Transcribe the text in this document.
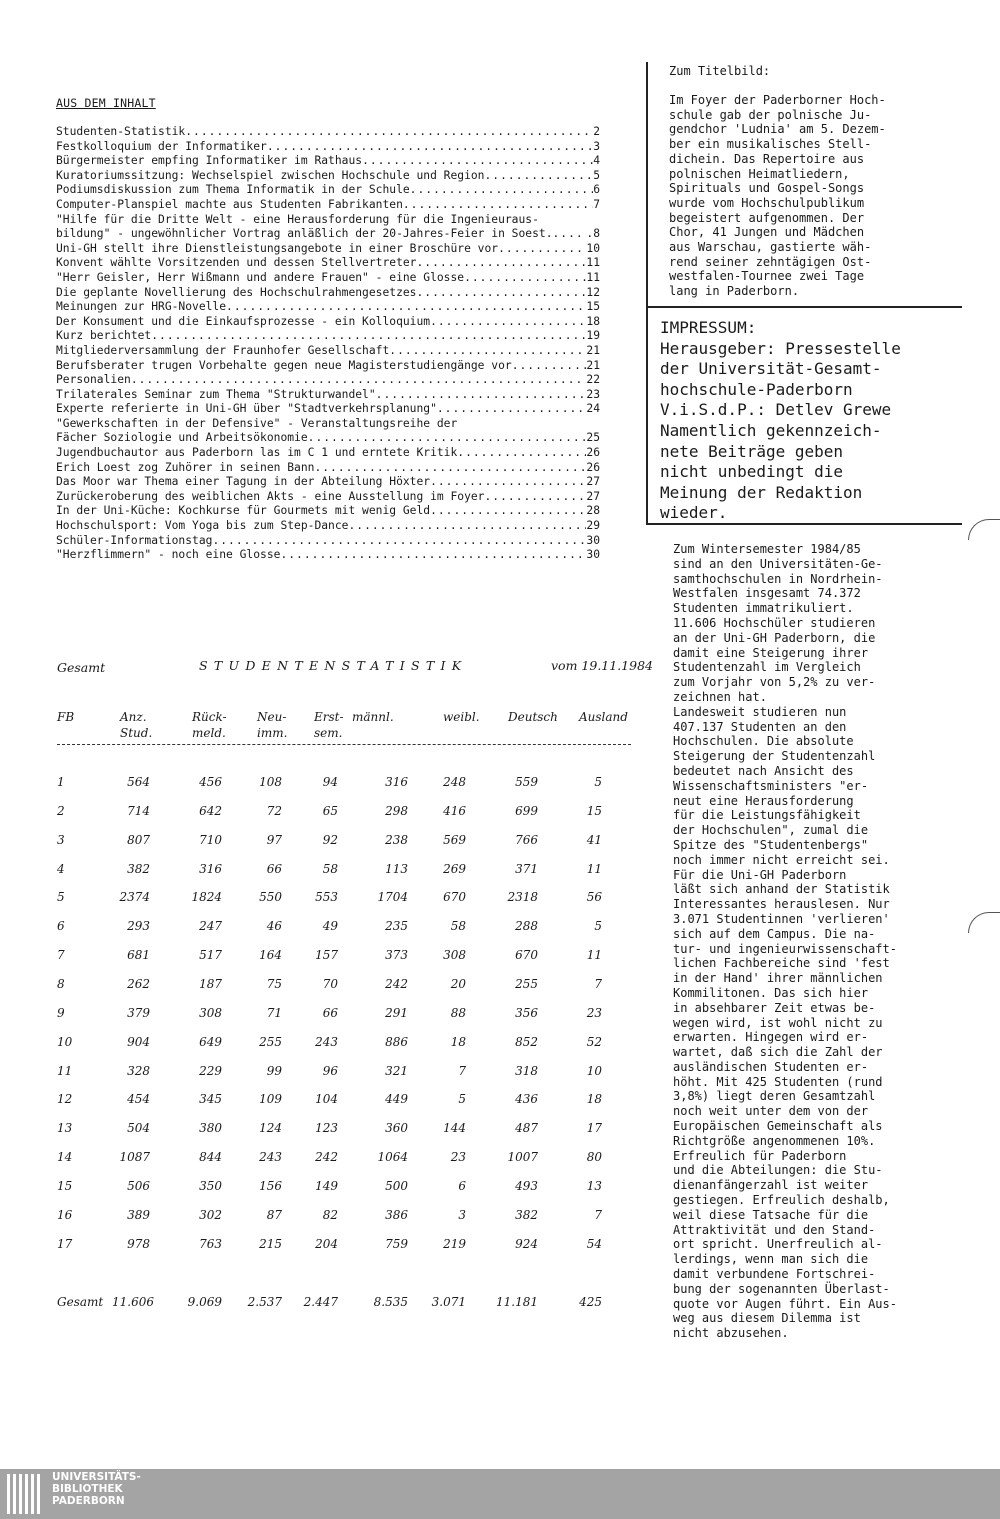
AUS DEM INHALT
Studenten-Statistik .....	2
Festkolloquium der Informatiker .....	3
Bürgermeister empfing Informatiker im Rathaus .....	4
Kuratoriumssitzung: Wechselspiel zwischen Hochschule und Region .....	5
Podiumsdiskussion zum Thema Informatik in der Schule .....	6
Computer-Planspiel machte aus Studenten Fabrikanten .....	7
"Hilfe für die Dritte Welt - eine Herausforderung für die Ingenieuraus-
bildung" - ungewöhnlicher Vortrag anläßlich der 20-Jahres-Feier in Soest. .....	.8
Uni-GH stellt ihre Dienstleistungsangebote in einer Broschüre vor .....	10
Konvent wählte Vorsitzenden und dessen Stellvertreter .....	11
"Herr Geisler, Herr Wißmann und andere Frauen" - eine Glosse .....	11
Die geplante Novellierung des Hochschulrahmengesetzes .....	12
Meinungen zur HRG-Novelle .....	15
Der Konsument und die Einkaufsprozesse - ein Kolloquium .....	18
Kurz berichtet .....	19
Mitgliederversammlung der Fraunhofer Gesellschaft .....	21
Berufsberater trugen Vorbehalte gegen neue Magisterstudiengänge vor .....	21
Personalien .....	22
Trilaterales Seminar zum Thema "Strukturwandel" .....	23
Experte referierte in Uni-GH über "Stadtverkehrsplanung" .....	24
"Gewerkschaften in der Defensive" - Veranstaltungsreihe der
Fächer Soziologie und Arbeitsökonomie .....	25
Jugendbuchautor aus Paderborn las im C 1 und erntete Kritik .....	26
Erich Loest zog Zuhörer in seinen Bann .....	26
Das Moor war Thema einer Tagung in der Abteilung Höxter .....	27
Zurückeroberung des weiblichen Akts - eine Ausstellung im Foyer .....	27
In der Uni-Küche: Kochkurse für Gourmets mit wenig Geld .....	28
Hochschulsport: Vom Yoga bis zum Step-Dance .....	29
Schüler-Informationstag .....	30
"Herzflimmern" - noch eine Glosse .....	30
Zum Titelbild:
Im Foyer der Paderborner Hoch-
schule gab der polnische Ju-
gendchor 'Ludnia' am 5. Dezem-
ber ein musikalisches Stell-
dichein. Das Repertoire aus
polnischen Heimatliedern,
Spirituals und Gospel-Songs
wurde vom Hochschulpublikum
begeistert aufgenommen. Der
Chor, 41 Jungen und Mädchen
aus Warschau, gastierte wäh-
rend seiner zehntägigen Ost-
westfalen-Tournee zwei Tage
lang in Paderborn.
IMPRESSUM:
Herausgeber: Pressestelle
der Universität-Gesamt-
hochschule-Paderborn
V.i.S.d.P.: Detlev Grewe
Namentlich gekennzeich-
nete Beiträge geben
nicht unbedingt die
Meinung der Redaktion
wieder.

Zum Wintersemester 1984/85
sind an den Universitäten-Ge-
samthochschulen in Nordrhein-
Westfalen insgesamt 74.372
Studenten immatrikuliert.
11.606 Hochschüler studieren
an der Uni-GH Paderborn, die
damit eine Steigerung ihrer
Studentenzahl im Vergleich
zum Vorjahr von 5,2% zu ver-
zeichnen hat.

Landesweit studieren nun
407.137 Studenten an den
Hochschulen. Die absolute
Steigerung der Studentenzahl
bedeutet nach Ansicht des
Wissenschaftsministers "er-
neut eine Herausforderung
für die Leistungsfähigkeit
der Hochschulen", zumal die
Spitze des "Studentenbergs"
noch immer nicht erreicht sei.

Für die Uni-GH Paderborn
läßt sich anhand der Statistik
Interessantes herauslesen. Nur
3.071 Studentinnen 'verlieren'
sich auf dem Campus. Die na-
tur- und ingenieurwissenschaft-
lichen Fachbereiche sind 'fest
in der Hand' ihrer männlichen
Kommilitonen. Das sich hier
in absehbarer Zeit etwas be-
wegen wird, ist wohl nicht zu
erwarten. Hingegen wird er-
wartet, daß sich die Zahl der
ausländischen Studenten er-
höht. Mit 425 Studenten (rund
3,8%) liegt deren Gesamtzahl
noch weit unter dem von der
Europäischen Gemeinschaft als
Richtgröße angenommenen 10%.

Erfreulich für Paderborn
und die Abteilungen: die Stu-
dienanfängerzahl ist weiter
gestiegen. Erfreulich deshalb,
weil diese Tatsache für die
Attraktivität und den Stand-
ort spricht. Unerfreulich al-
lerdings, wenn man sich die
damit verbundene Fortschrei-
bung der sogenannten Überlast-
quote vor Augen führt. Ein Aus-
weg aus diesem Dilemma ist
nicht abzusehen.

Gesamt	STUDENTENSTATISTIK	vom 19.11.1984
FB	Anz.
Stud.
Rück-
meld.
Neu-
imm.
Erst-
sem.
männl.	weibl. Deutsch Ausland
1	564	456	108	94	316	248	559	5
2	714	642	72	65	298	416	699	15
3	807	710	97	92	238	569	766	41
4	382	316	66	58	113	269	371	11
5	2374	1824	550	553	1704	670	2318	56
6	293	247	46	49	235	58	288	5
7	681	517	164	157	373	308	670	11
8	262	187	75	70	242	20	255	7
9	379	308	71	66	291	88	356	23
10	904	649	255	243	886	18	852	52
11	328	229	99	96	321	7	318	10
12	454	345	109	104	449	5	436	18
13	504	380	124	123	360	144	487	17
14	1087	844	243	242	1064	23	1007	80
15	506	350	156	149	500	6	493	13
16	389	302	87	82	386	3	382	7
17	978	763	215	204	759	219	924	54
Gesamt 11.606	9.069	2.537	2.447	8.535	3.071	11.181	425
UNIVERSITÄTS-
BIBLIOTHEK
PADERBORN
